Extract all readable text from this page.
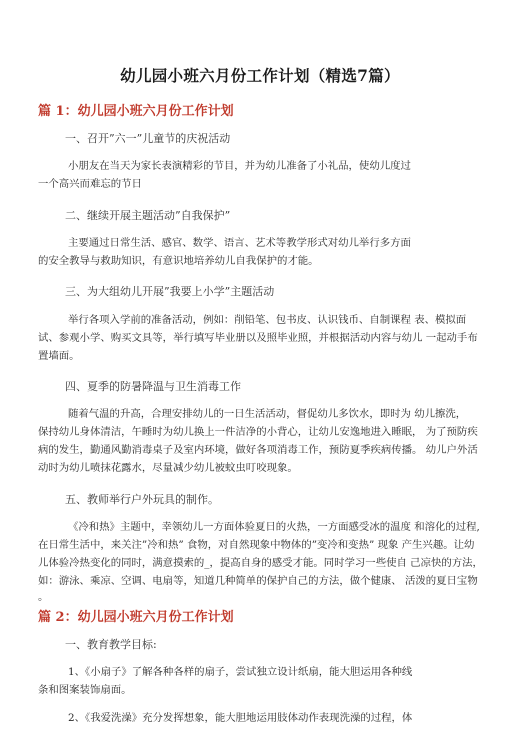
幼儿园小班六月份工作计划（精选7篇）
篇 1：幼儿园小班六月份工作计划
一、召开”六一”儿童节的庆祝活动
小朋友在当天为家长表演精彩的节目，并为幼儿准备了小礼品，使幼儿度过
一个高兴而难忘的节日
二、继续开展主题活动”自我保护”
主要通过日常生活、感官、数学、语言、艺术等教学形式对幼儿举行多方面
的安全教导与救助知识，有意识地培养幼儿自我保护的才能。
三、为大组幼儿开展”我要上小学”主题活动
举行各项入学前的准备活动，例如：削铅笔、包书皮、认识钱币、自制课程 表、模拟面
试、参观小学、购买文具等，举行填写毕业册以及照毕业照，并根据活动内容与幼儿 一起动手布
置墙面。
四、夏季的防暑降温与卫生消毒工作
随着气温的升高，合理安排幼儿的一日生活活动，督促幼儿多饮水，即时为 幼儿擦洗，
保持幼儿身体清洁，午睡时为幼儿换上一件洁净的小背心，让幼儿安逸地进入睡眠， 为了预防疾
病的发生，勤通风勤消毒桌子及室内环境，做好各项消毒工作，预防夏季疾病传播。 幼儿户外活
动时为幼儿喷抹花露水，尽量减少幼儿被蚊虫叮咬现象。
五、教师举行户外玩具的制作。
《冷和热》主题中，幸领幼儿一方面体验夏日的火热，一方面感受冰的温度 和溶化的过程,
在日常生活中，来关注”冷和热” 食物，对自然现象中物体的”变冷和变热” 现象 产生兴趣。让幼
儿体验冷热变化的同时，满意摸索的_，提高自身的感受才能。同时学习一些使自 己凉快的方法，
如：游泳、乘凉、空调、电扇等，知道几种简单的保护自己的方法，做个健康、 活泼的夏日宝物
。
篇 2：幼儿园小班六月份工作计划
一、教育教学目标:
1、《小扇子》了解各种各样的扇子，尝试独立设计纸扇，能大胆运用各种线
条和图案装饰扇面。
2、《我爱洗澡》充分发挥想象，能大胆地运用肢体动作表现洗澡的过程，体
